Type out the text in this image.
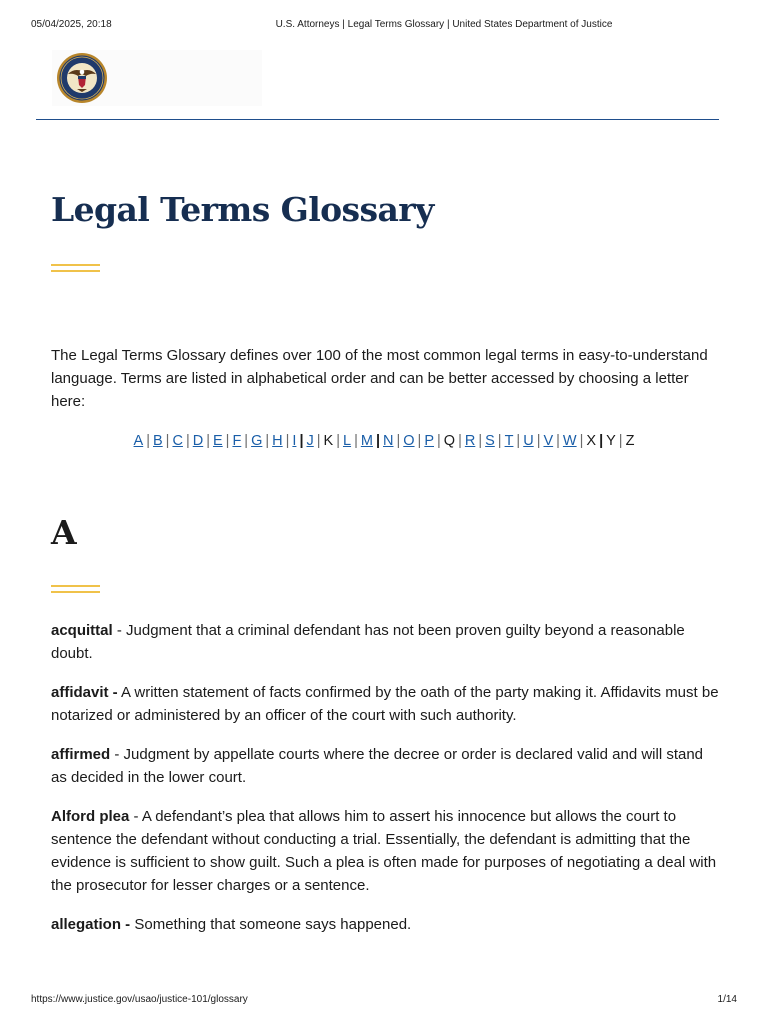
05/04/2025, 20:18	U.S. Attorneys | Legal Terms Glossary | United States Department of Justice
Legal Terms Glossary

The Legal Terms Glossary defines over 100 of the most common legal terms in easy-to-understand language. Terms are listed in alphabetical order and can be better accessed by choosing a letter here:

A | B | C | D | E | F | G | H | I | J | K | L | M | N | O | P | Q | R | S | T | U | V | W | X | Y | Z
A

acquittal - Judgment that a criminal defendant has not been proven guilty beyond a reasonable doubt.

affidavit - A written statement of facts confirmed by the oath of the party making it. Affidavits must be notarized or administered by an officer of the court with such authority.

affirmed - Judgment by appellate courts where the decree or order is declared valid and will stand as decided in the lower court.

Alford plea - A defendant’s plea that allows him to assert his innocence but allows the court to sentence the defendant without conducting a trial. Essentially, the defendant is admitting that the evidence is sufficient to show guilt. Such a plea is often made for purposes of negotiating a deal with the prosecutor for lesser charges or a sentence.

allegation - Something that someone says happened.

https://www.justice.gov/usao/justice-101/glossary	1/14
